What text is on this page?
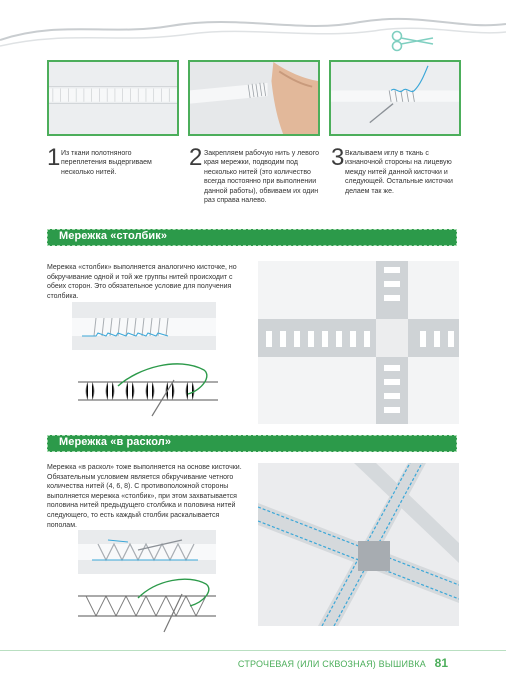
1 Из ткани полотняного переплетения выдергиваем несколько нитей.
2 Закрепляем рабочую нить у левого края мережки, подводим под несколько нитей (это количество всегда постоянно при выполнении данной работы), обвиваем их один раз справа налево.
3 Вкалываем иглу в ткань с изнаночной стороны на лицевую между нитей данной кисточки и следующей. Остальные кисточки делаем так же.
Мережка «столбик»
Мережка «столбик» выполняется аналогично кисточке, но обкручивание одной и той же группы нитей происходит с обеих сторон. Это обязательное условие для получения столбика.
Мережка «в раскол»
Мережка «в раскол» тоже выполняется на основе кисточки. Обязательным условием является обкручивание четного количества нитей (4, 6, 8). С противоположной стороны выполняется мережка «столбик», при этом захватывается половина нитей предыдущего столбика и половина нитей следующего, то есть каждый столбик раскалывается пополам.
СТРОЧЕВАЯ (ИЛИ СКВОЗНАЯ) ВЫШИВКА 81
